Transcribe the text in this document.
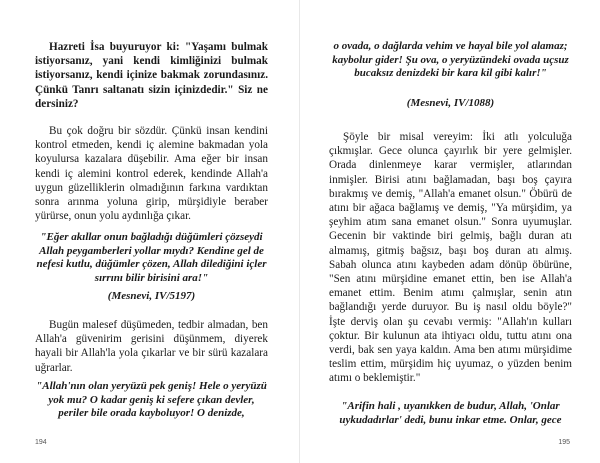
Hazreti İsa buyuruyor ki: "Yaşamı bulmak istiyorsanız, yani kendi kimliğinizi bulmak istiyorsanız, kendi içinize bakmak zorundasınız. Çünkü Tanrı saltanatı sizin içinizdedir." Siz ne dersiniz?

Bu çok doğru bir sözdür. Çünkü insan kendini kontrol etmeden, kendi iç alemine bakmadan yola koyulursa kazalara düşebilir. Ama eğer bir insan kendi iç alemini kontrol ederek, kendinde Allah'a uygun güzelliklerin olmadığının farkına vardıktan sonra arınma yoluna girip, mürşidiyle beraber yürürse, onun yolu aydınlığa çıkar.

"Eğer akıllar onun bağladığı düğümleri çözseydi Allah peygamberleri yollar mıydı? Kendine gel de nefesi kutlu, düğümler çözen, Allah dilediğini içler sırrını bilir birisini ara!"

(Mesnevi, IV/5197)

Bugün malesef düşümeden, tedbir almadan, ben Allah'a güvenirim gerisini düşünmem, diyerek hayali bir Allah'la yola çıkarlar ve bir sürü kazalara uğrarlar.

"Allah'nın olan yeryüzü pek geniş! Hele o yeryüzü yok mu? O kadar geniş ki sefere çıkan devler, periler bile orada kayboluyor! O denizde,

194

o ovada, o dağlarda vehim ve hayal bile yol alamaz; kaybolur gider! Şu ova, o yeryüzündeki ovada uçsuz bucaksız denizdeki bir kara kil gibi kalır!"

(Mesnevi, IV/1088)

Şöyle bir misal vereyim: İki atlı yolculuğa çıkmışlar. Gece olunca çayırlık bir yere gelmişler. Orada dinlenmeye karar vermişler, atlarından inmişler. Birisi atını bağlamadan, başı boş çayıra bırakmış ve demiş, "Allah'a emanet olsun." Öbürü de atını bir ağaca bağlamış ve demiş, "Ya mürşidim, ya şeyhim atım sana emanet olsun." Sonra uyumuşlar. Gecenin bir vaktinde biri gelmiş, bağlı duran atı almamış, gitmiş bağsız, başı boş duran atı almış. Sabah olunca atını kaybeden adam dönüp öbürüne, "Sen atını mürşidine emanet ettin, ben ise Allah'a emanet ettim. Benim atımı çalmışlar, senin atın bağlandığı yerde duruyor. Bu iş nasıl oldu böyle?" İşte derviş olan şu cevabı vermiş: "Allah'ın kulları çoktur. Bir kulunun ata ihtiyacı oldu, tuttu atını ona verdi, bak sen yaya kaldın. Ama ben atımı mürşidime teslim ettim, mürşidim hiç uyumaz, o yüzden benim atımı o beklemiştir."

"Arifin hali , uyanıkken de budur, Allah, 'Onlar uykudadırlar' dedi, bunu inkar etme. Onlar, gece

195
